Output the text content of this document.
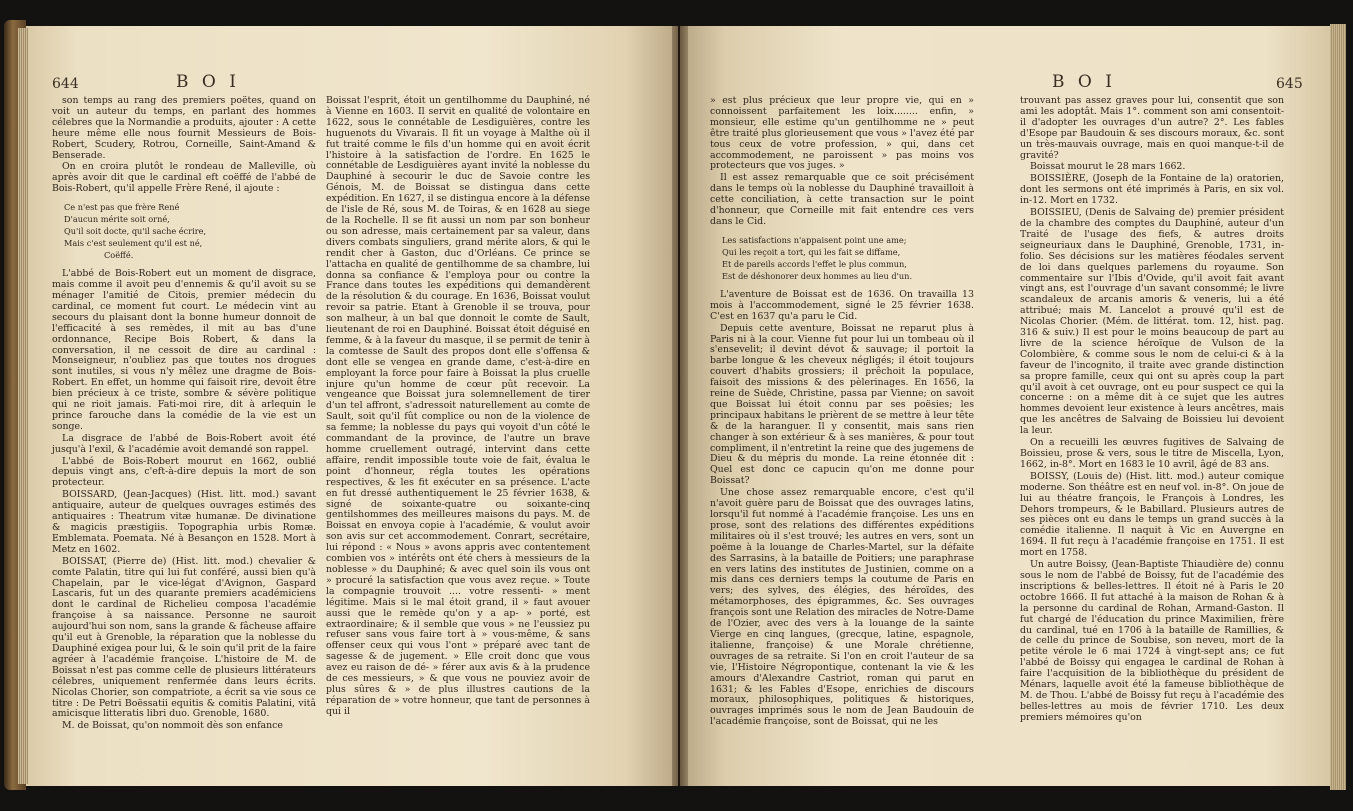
644	B O I

son temps au rang des premiers poëtes, quand on voit un auteur du temps, en parlant des hommes célebres que la Normandie a produits, ajouter : A cette heure même elle nous fournit Messieurs de Bois-Robert, Scudery, Rotrou, Corneille, Saint-Amand & Benserade.

On en croira plutôt le rondeau de Malleville, où après avoir dit que le cardinal eft coëffé de l'abbé de Bois-Robert, qu'il appelle Frère René, il ajoute :

Ce n'est pas que frère René
D'aucun mérite soit orné,
Qu'il soit docte, qu'il sache écrire,
Mais c'est seulement qu'il est né,
Coëffé.

L'abbé de Bois-Robert eut un moment de disgrace, mais comme il avoit peu d'ennemis & qu'il avoit su se ménager l'amitié de Citois, premier médecin du cardinal, ce moment fut court. Le médecin vint au secours du plaisant dont la bonne humeur donnoit de l'efficacité à ses remèdes, il mit au bas d'une ordonnance, Recipe Bois Robert, & dans la conversation, il ne cessoit de dire au cardinal : Monseigneur, n'oubliez pas que toutes nos drogues sont inutiles, si vous n'y mêlez une dragme de Bois-Robert. En effet, un homme qui faisoit rire, devoit être bien précieux à ce triste, sombre & sévère politique qui ne rioit jamais. Fati-moi rire, dit à arlequin le prince farouche dans la comédie de la vie est un songe.

La disgrace de l'abbé de Bois-Robert avoit été jusqu'à l'exil, & l'académie avoit demandé son rappel.

L'abbé de Bois-Robert mourut en 1662, oublié depuis vingt ans, c'eft-à-dire depuis la mort de son protecteur.

BOISSARD, (Jean-Jacques) (Hist. litt. mod.) savant antiquaire, auteur de quelques ouvrages estimés des antiquaires : Theatrum vitæ humanæ. De divinatione & magicis præstigiis. Topographia urbis Romæ. Emblemata. Poemata. Né à Besançon en 1528. Mort à Metz en 1602.

BOISSAT, (Pierre de) (Hist. litt. mod.) chevalier & comte Palatin, titre qui lui fut conféré, aussi bien qu'à Chapelain, par le vice-légat d'Avignon, Gaspard Lascaris, fut un des quarante premiers académiciens dont le cardinal de Richelieu composa l'académie françoise à sa naissance. Personne ne sauroit aujourd'hui son nom, sans la grande & fâcheuse affaire qu'il eut à Grenoble, la réparation que la noblesse du Dauphiné exigea pour lui, & le soin qu'il prit de la faire agréer à l'académie françoise. L'histoire de M. de Boissat n'est pas comme celle de plusieurs littérateurs célebres, uniquement renfermée dans leurs écrits. Nicolas Chorier, son compatriote, a écrit sa vie sous ce titre : De Petri Boëssatii equitis & comitis Palatini, vitâ amicisque litteratis libri duo. Grenoble, 1680.

M. de Boissat, qu'on nommoit dès son enfance

Boissat l'esprit, étoit un gentilhomme du Dauphiné, né à Vienne en 1603. Il servit en qualité de volontaire en 1622, sous le connétable de Lesdiguières, contre les huguenots du Vivarais. Il fit un voyage à Malthe où il fut traité comme le fils d'un homme qui en avoit écrit l'histoire à la satisfaction de l'ordre. En 1625 le connétable de Lesdiguières ayant invité la noblesse du Dauphiné à secourir le duc de Savoie contre les Génois, M. de Boissat se distingua dans cette expédition. En 1627, il se distingua encore à la défense de l'isle de Ré, sous M. de Toiras, & en 1628 au siege de la Rochelle. Il se fit aussi un nom par son bonheur ou son adresse, mais certainement par sa valeur, dans divers combats singuliers, grand mérite alors, & qui le rendit cher à Gaston, duc d'Orléans. Ce prince se l'attacha en qualité de gentilhomme de sa chambre, lui donna sa confiance & l'employa pour ou contre la France dans toutes les expéditions qui demandèrent de la résolution & du courage. En 1636, Boissat voulut revoir sa patrie. Etant à Grenoble il se trouva, pour son malheur, à un bal que donnoit le comte de Sault, lieutenant de roi en Dauphiné. Boissat étoit déguisé en femme, & à la faveur du masque, il se permit de tenir à la comtesse de Sault des propos dont elle s'offensa & dont elle se vengea en grande dame, c'est-à-dire en employant la force pour faire à Boissat la plus cruelle injure qu'un homme de cœur pût recevoir. La vengeance que Boissat jura solemnellement de tirer d'un tel affront, s'adressoit naturellement au comte de Sault, soit qu'il fût complice ou non de la violence de sa femme; la noblesse du pays qui voyoit d'un côté le commandant de la province, de l'autre un brave homme cruellement outragé, intervint dans cette affaire, rendit impossible toute voie de fait, évalua le point d'honneur, régla toutes les opérations respectives, & les fit exécuter en sa présence. L'acte en fut dressé authentiquement le 25 février 1638, & signé de soixante-quatre ou soixante-cinq gentilshommes des meilleures maisons du pays. M. de Boissat en envoya copie à l'académie, & voulut avoir son avis sur cet accommodement. Conrart, secrétaire, lui répond : « Nous » avons appris avec contentement combien vos » intérêts ont été chers à messieurs de la noblesse » du Dauphiné; & avec quel soin ils vous ont » procuré la satisfaction que vous avez reçue. » Toute la compagnie trouvoit .... votre ressenti- » ment légitime. Mais si le mal étoit grand, il » faut avouer aussi que le remède qu'on y a ap- » porté, est extraordinaire; & il semble que vous » ne l'eussiez pu refuser sans vous faire tort à » vous-même, & sans offenser ceux qui vous l'ont » préparé avec tant de sagesse & de jugement. » Elle croit donc que vous avez eu raison de dé- » férer aux avis & à la prudence de ces messieurs, » & que vous ne pouviez avoir de plus sûres & » de plus illustres cautions de la réparation de » votre honneur, que tant de personnes à qui il

B O I	645

» est plus précieux que leur propre vie, qui en » connoissent parfaitement les loix........ enfin, » monsieur, elle estime qu'un gentilhomme ne » peut être traité plus glorieusement que vous » l'avez été par tous ceux de votre profession, » qui, dans cet accommodement, ne paroissent » pas moins vos protecteurs que vos juges. »

Il est assez remarquable que ce soit précisément dans le temps où la noblesse du Dauphiné travailloit à cette conciliation, à cette transaction sur le point d'honneur, que Corneille mit fait entendre ces vers dans le Cid.

Les satisfactions n'appaisent point une ame;
Qui les reçoit a tort, qui les fait se diffame,
Et de pareils accords l'effet le plus commun,
Est de déshonorer deux hommes au lieu d'un.

L'aventure de Boissat est de 1636. On travailla 13 mois à l'accommodement, signé le 25 février 1638. C'est en 1637 qu'a paru le Cid.

Depuis cette aventure, Boissat ne reparut plus à Paris ni à la cour. Vienne fut pour lui un tombeau où il s'ensevelit; il devint dévot & sauvage; il portoit la barbe longue & les cheveux négligés; il étoit toujours couvert d'habits grossiers; il prêchoit la populace, faisoit des missions & des pèlerinages. En 1656, la reine de Suède, Christine, passa par Vienne; on savoit que Boissat lui étoit connu par ses poësies; les principaux habitans le prièrent de se mettre à leur tête & de la haranguer. Il y consentit, mais sans rien changer à son extérieur & à ses manières, & pour tout compliment, il n'entretint la reine que des jugemens de Dieu & du mépris du monde. La reine étonnée dit : Quel est donc ce capucin qu'on me donne pour Boissat?

Une chose assez remarquable encore, c'est qu'il n'avoit guère paru de Boissat que des ouvrages latins, lorsqu'il fut nommé à l'académie françoise. Les uns en prose, sont des relations des différentes expéditions militaires où il s'est trouvé; les autres en vers, sont un poëme à la louange de Charles-Martel, sur la défaite des Sarrasins, à la bataille de Poitiers; une paraphrase en vers latins des institutes de Justinien, comme on a mis dans ces derniers temps la coutume de Paris en vers; des sylves, des élégies, des héroïdes, des métamorphoses, des épigrammes, &c. Ses ouvrages françois sont une Relation des miracles de Notre-Dame de l'Ozier, avec des vers à la louange de la sainte Vierge en cinq langues, (grecque, latine, espagnole, italienne, françoise) & une Morale chrétienne, ouvrages de sa retraite. Si l'on en croit l'auteur de sa vie, l'Histoire Négropontique, contenant la vie & les amours d'Alexandre Castriot, roman qui parut en 1631; & les Fables d'Esope, enrichies de discours moraux, philosophiques, politiques & historiques, ouvrages imprimés sous le nom de Jean Baudouin de l'académie françoise, sont de Boissat, qui ne les

trouvant pas assez graves pour lui, consentit que son ami les adoptât. Mais 1°. comment son ami consentoit-il d'adopter les ouvrages d'un autre? 2°. Les fables d'Esope par Baudouin & ses discours moraux, &c. sont un très-mauvais ouvrage, mais en quoi manque-t-il de gravité?

Boissat mourut le 28 mars 1662.

BOISSIÈRE, (Joseph de la Fontaine de la) oratorien, dont les sermons ont été imprimés à Paris, en six vol. in-12. Mort en 1732.

BOISSIEU, (Denis de Salvaing de) premier président de la chambre des comptes du Dauphiné, auteur d'un Traité de l'usage des fiefs, & autres droits seigneuriaux dans le Dauphiné, Grenoble, 1731, in-folio. Ses décisions sur les matières féodales servent de loi dans quelques parlemens du royaume. Son commentaire sur l'Ibis d'Ovide, qu'il avoit fait avant vingt ans, est l'ouvrage d'un savant consommé; le livre scandaleux de arcanis amoris & veneris, lui a été attribué; mais M. Lancelot a prouvé qu'il est de Nicolas Chorier. (Mém. de littérat. tom. 12, hist. pag. 316 & suiv.) Il est pour le moins beaucoup de part au livre de la science héroïque de Vulson de la Colombière, & comme sous le nom de celui-ci & à la faveur de l'incognito, il traite avec grande distinction sa propre famille, ceux qui ont su après coup la part qu'il avoit à cet ouvrage, ont eu pour suspect ce qui la concerne : on a même dit à ce sujet que les autres hommes devoient leur existence à leurs ancêtres, mais que les ancêtres de Salvaing de Boissieu lui devoient la leur.

On a recueilli les œuvres fugitives de Salvaing de Boissieu, prose & vers, sous le titre de Miscella, Lyon, 1662, in-8°. Mort en 1683 le 10 avril, âgé de 83 ans.

BOISSY, (Louis de) (Hist. litt. mod.) auteur comique moderne. Son théâtre est en neuf vol. in-8°. On joue de lui au théatre françois, le François à Londres, les Dehors trompeurs, & le Babillard. Plusieurs autres de ses pièces ont eu dans le temps un grand succès à la comédie italienne. Il naquit à Vic en Auvergne en 1694. Il fut reçu à l'académie françoise en 1751. Il est mort en 1758.

Un autre Boissy, (Jean-Baptiste Thiaudière de) connu sous le nom de l'abbé de Boissy, fut de l'académie des inscriptions & belles-lettres. Il étoit né à Paris le 20 octobre 1666. Il fut attaché à la maison de Rohan & à la personne du cardinal de Rohan, Armand-Gaston. Il fut chargé de l'éducation du prince Maximilien, frère du cardinal, tué en 1706 à la bataille de Ramillies, & de celle du prince de Soubise, son neveu, mort de la petite vérole le 6 mai 1724 à vingt-sept ans; ce fut l'abbé de Boissy qui engagea le cardinal de Rohan à faire l'acquisition de la bibliothèque du président de Ménars, laquelle avoit été la fameuse bibliothèque de M. de Thou. L'abbé de Boissy fut reçu à l'académie des belles-lettres au mois de février 1710. Les deux premiers mémoires qu'on
